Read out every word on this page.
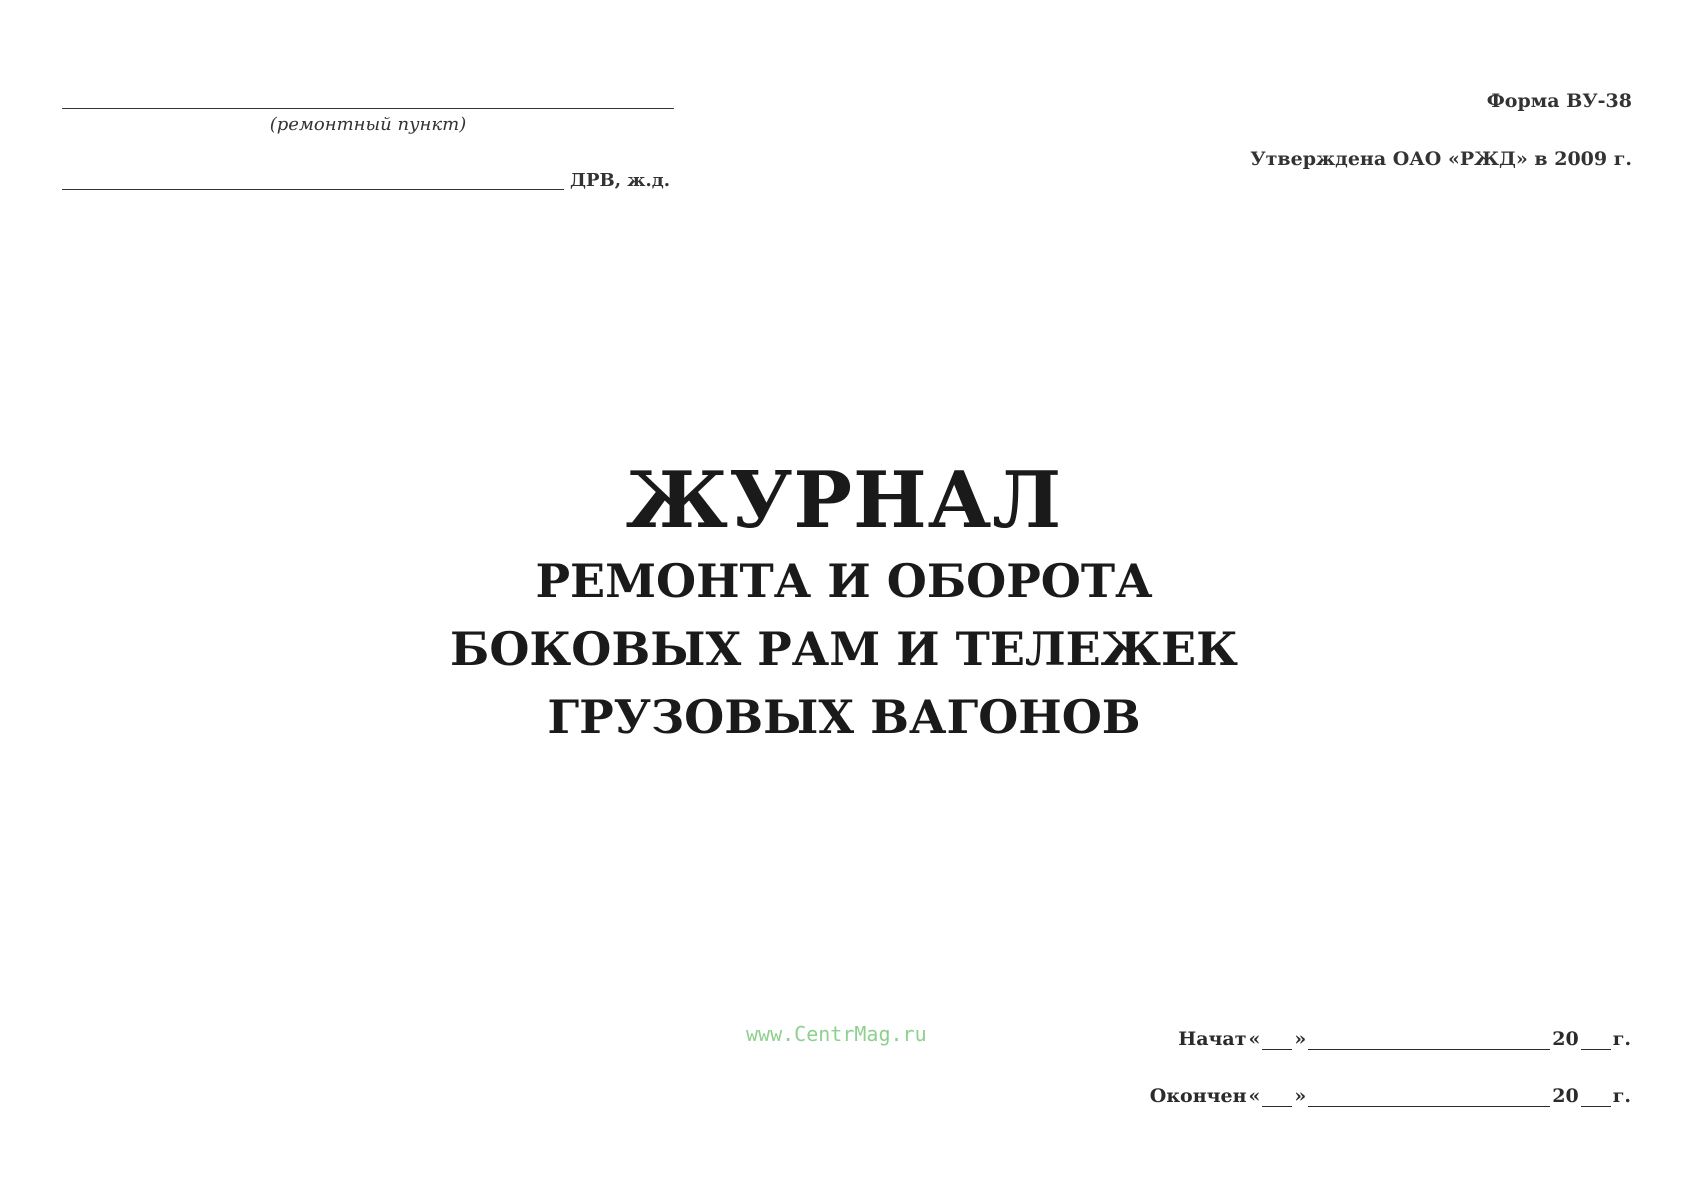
(ремонтный пункт)
ДРВ, ж.д.
Форма ВУ-38
Утверждена ОАО «РЖД» в 2009 г.
ЖУРНАЛ
РЕМОНТА И ОБОРОТА
БОКОВЫХ РАМ И ТЕЛЕЖЕК
ГРУЗОВЫХ ВАГОНОВ
www.CentrMag.ru	Начат « »	20 г.
Окончен « »	20 г.
